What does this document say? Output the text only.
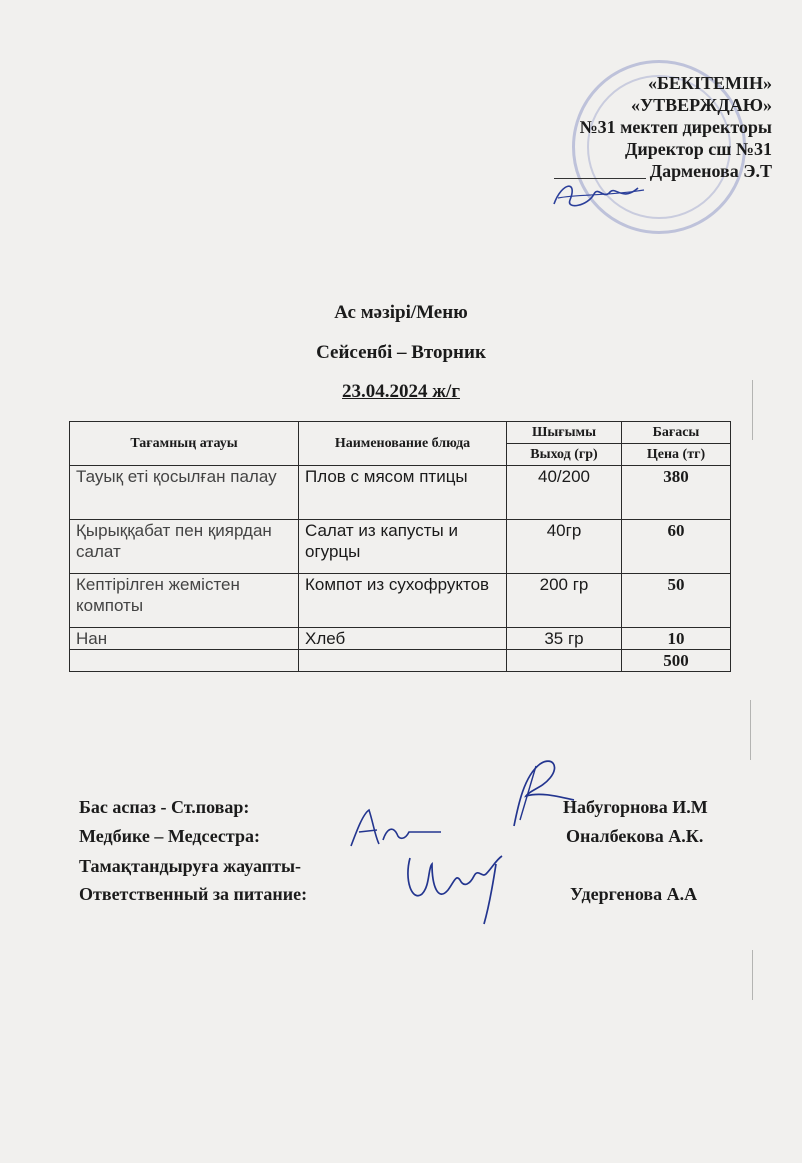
«БЕКІТЕМІН»
«УТВЕРЖДАЮ»
№31 мектеп директоры
Директор сш №31
Дарменова Э.Т
Ас мәзірі/Меню
Сейсенбі – Вторник
23.04.2024 ж/г
Тағамның атауы	Наименование блюда	Шығымы	Бағасы
		Выход (гр)	Цена (тг)
Тауық еті қосылған палау	Плов с мясом птицы	40/200	380
Қырыққабат пен қиярдан салат	Салат из капусты и огурцы	40гр	60
Кептірілген жемістен компоты	Компот из сухофруктов	200 гр	50
Нан	Хлеб	35 гр	10
			500
Бас аспаз - Ст.повар:	Набугорнова И.М
Медбике – Медсестра:	Оналбекова А.К.
Тамақтандыруға жауапты-
Ответственный за питание:	Удергенова А.А
